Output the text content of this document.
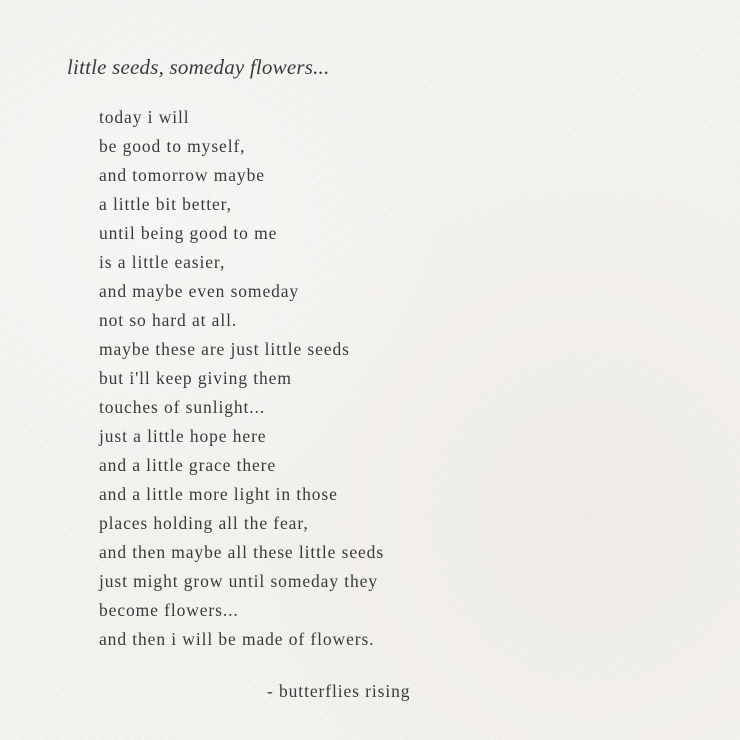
little seeds, someday flowers...
today i will
be good to myself,
and tomorrow maybe
a little bit better,
until being good to me
is a little easier,
and maybe even someday
not so hard at all.
maybe these are just little seeds
but i'll keep giving them
touches of sunlight...
just a little hope here
and a little grace there
and a little more light in those
places holding all the fear,
and then maybe all these little seeds
just might grow until someday they
become flowers...
and then i will be made of flowers.

- butterflies rising
